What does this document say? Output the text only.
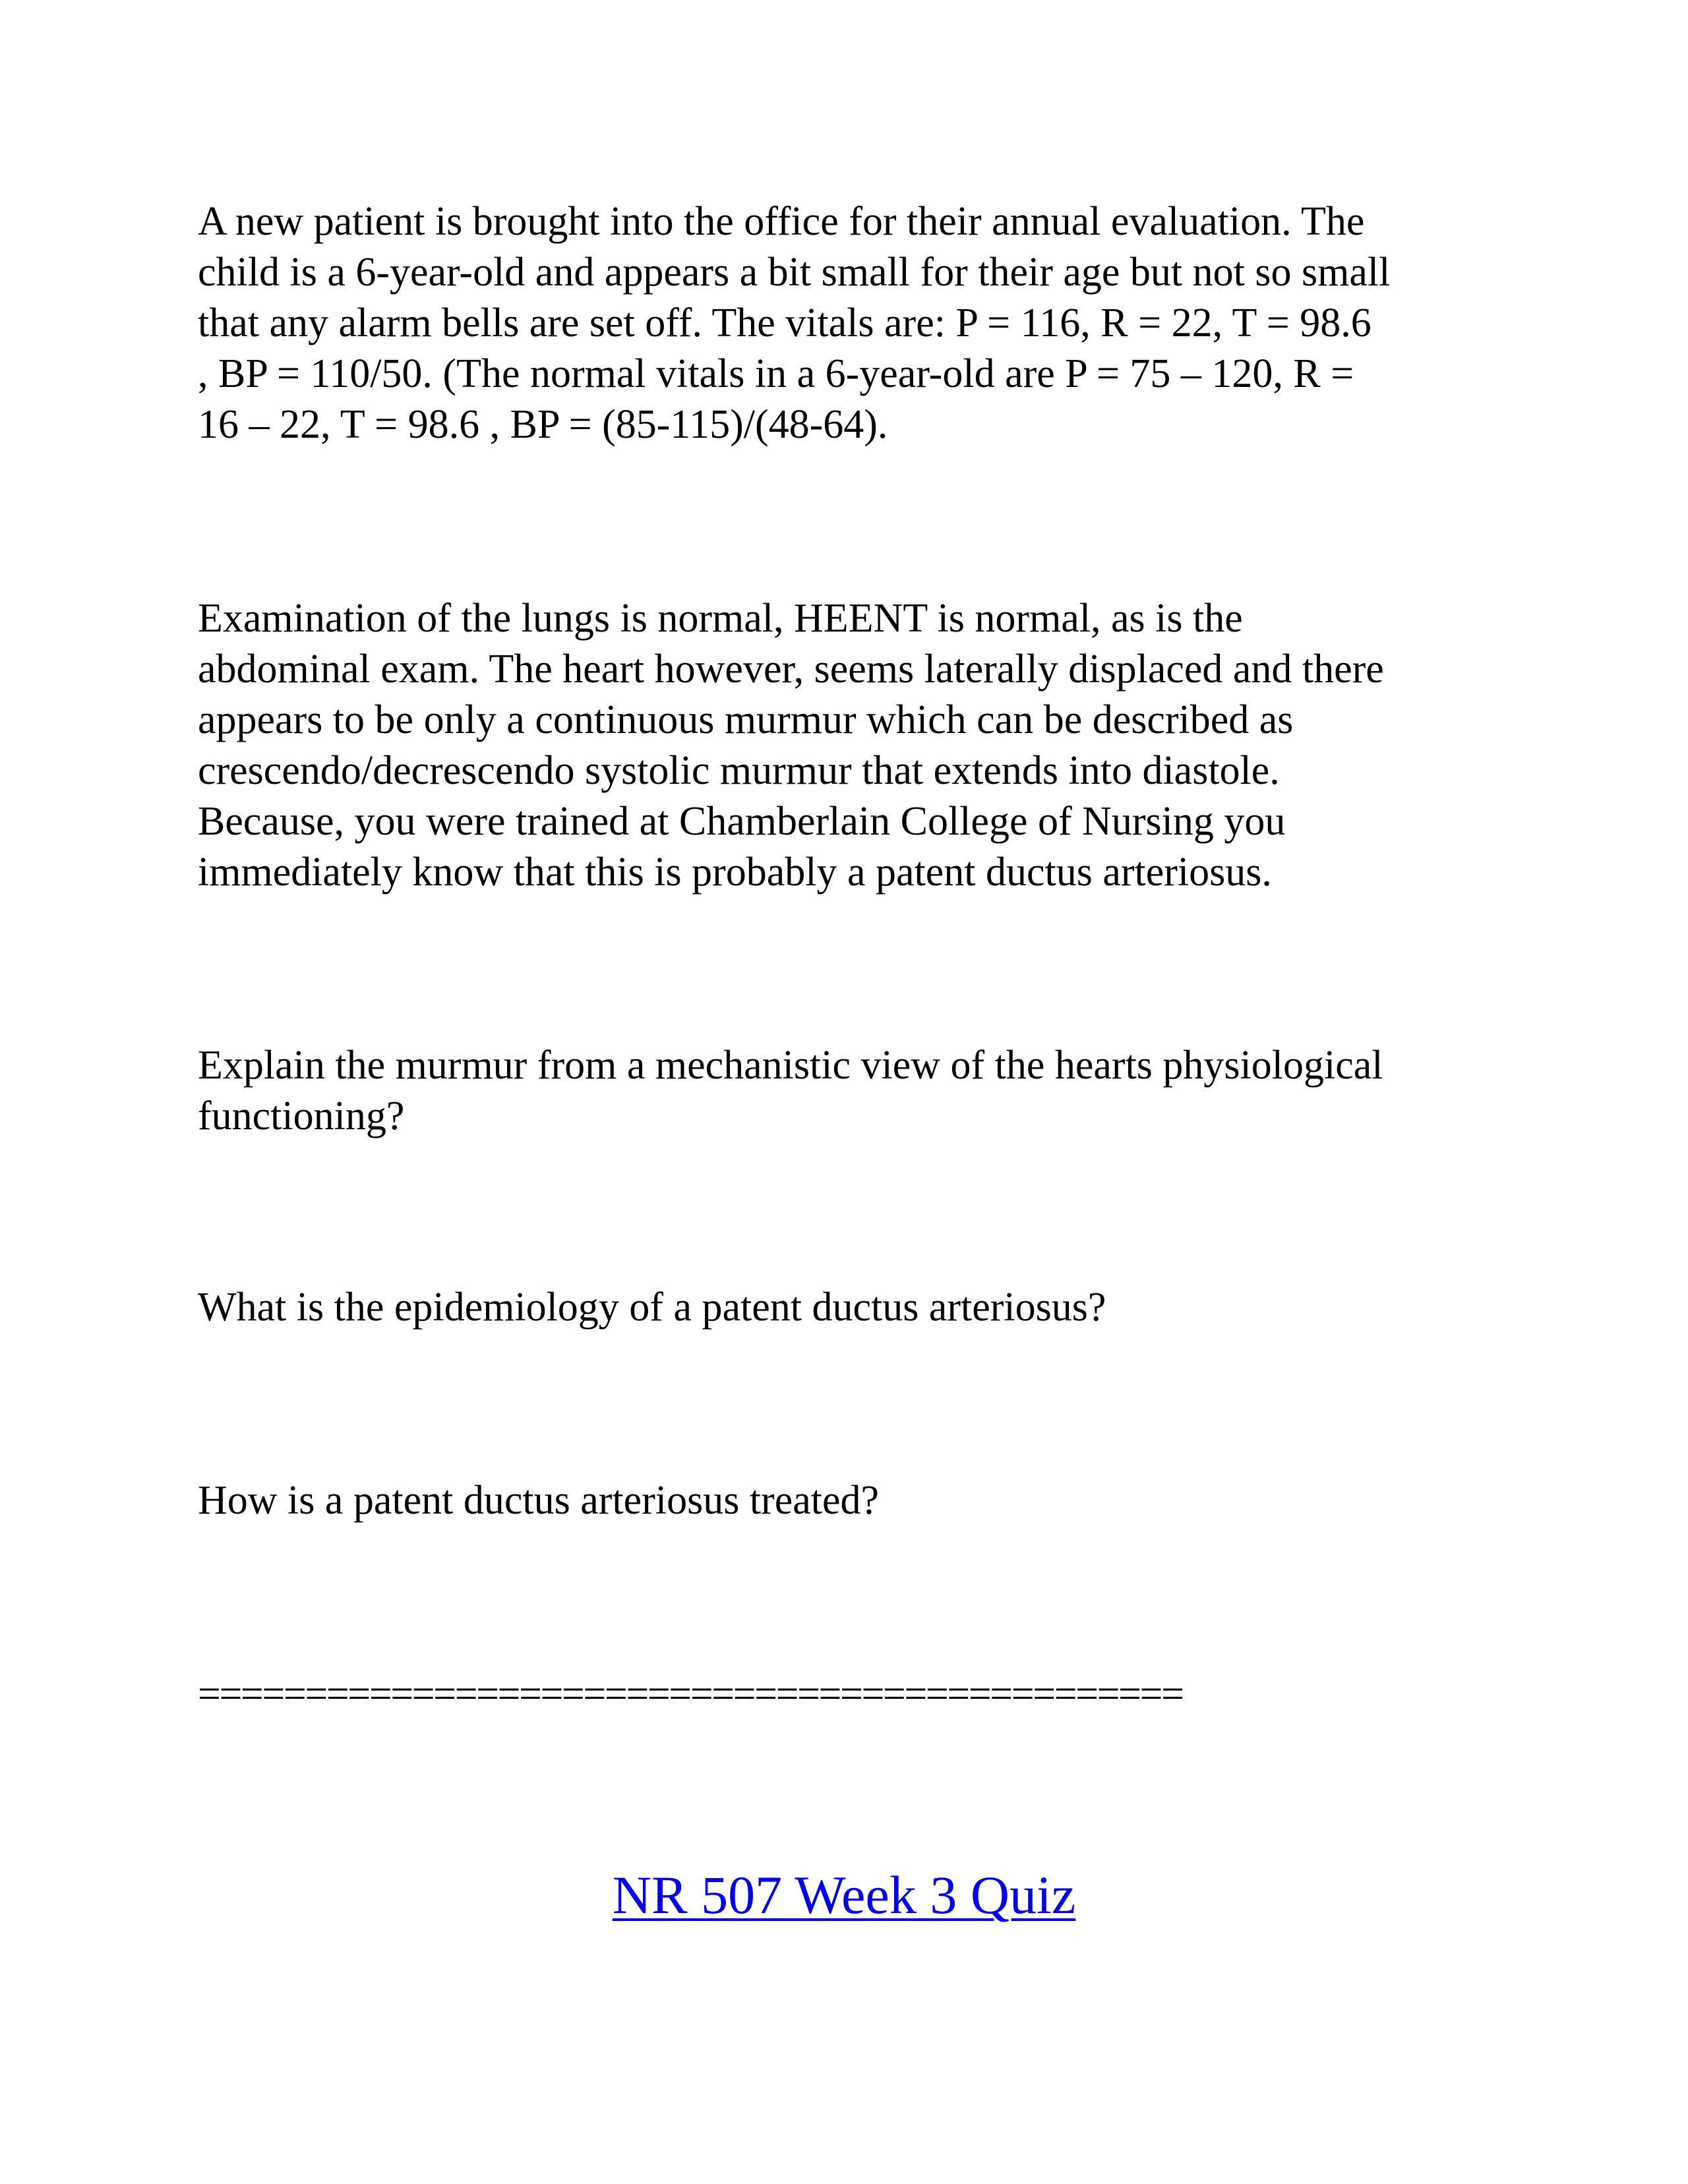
A new patient is brought into the office for their annual evaluation. The
child is a 6-year-old and appears a bit small for their age but not so small
that any alarm bells are set off. The vitals are: P = 116, R = 22, T = 98.6
, BP = 110/50. (The normal vitals in a 6-year-old are P = 75 – 120, R =
16 – 22, T = 98.6 , BP = (85-115)/(48-64).

Examination of the lungs is normal, HEENT is normal, as is the
abdominal exam. The heart however, seems laterally displaced and there
appears to be only a continuous murmur which can be described as
crescendo/decrescendo systolic murmur that extends into diastole.
Because, you were trained at Chamberlain College of Nursing you
immediately know that this is probably a patent ductus arteriosus.

Explain the murmur from a mechanistic view of the hearts physiological
functioning?

What is the epidemiology of a patent ductus arteriosus?

How is a patent ductus arteriosus treated?

==============================================
NR 507 Week 3 Quiz
